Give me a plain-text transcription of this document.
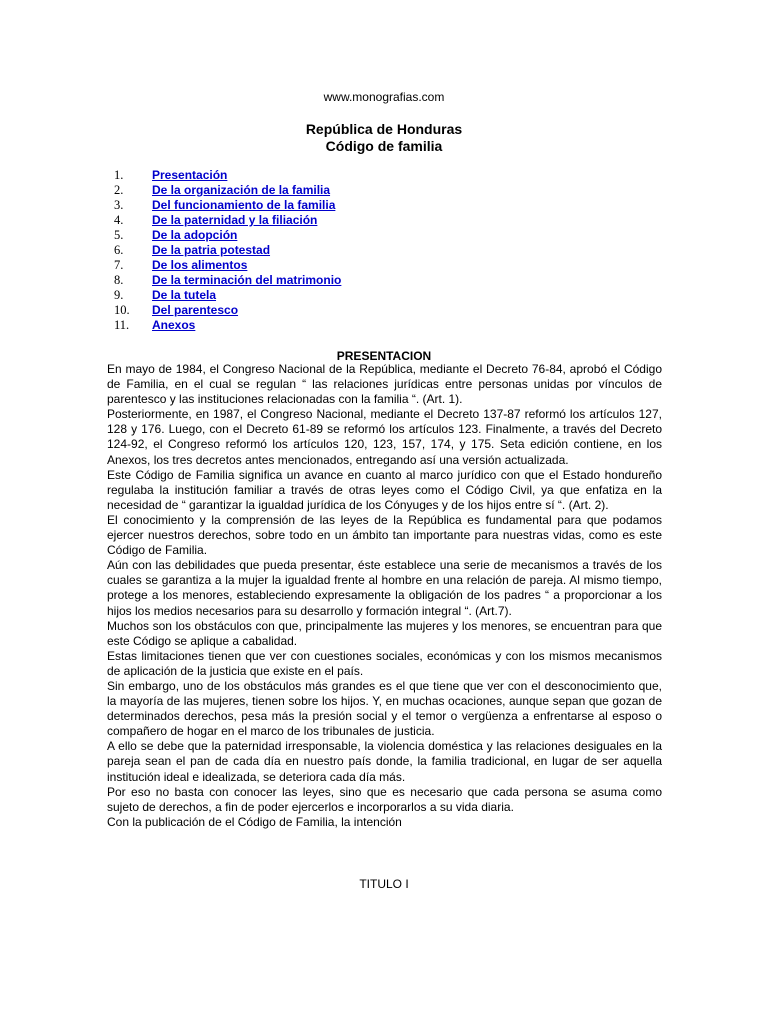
www.monografias.com
República de Honduras
Código de familia
1. Presentación
2. De la organización de la familia
3. Del funcionamiento de la familia
4. De la paternidad y la filiación
5. De la adopción
6. De la patria potestad
7. De los alimentos
8. De la terminación del matrimonio
9. De la tutela
10. Del parentesco
11. Anexos
PRESENTACION

En mayo de 1984, el Congreso Nacional de la República, mediante el Decreto 76-84, aprobó el Código de Familia, en el cual se regulan “ las relaciones jurídicas entre personas unidas por vínculos de parentesco y las instituciones relacionadas con la familia “. (Art. 1).

Posteriormente, en 1987, el Congreso Nacional, mediante el Decreto 137-87 reformó los artículos 127, 128 y 176. Luego, con el Decreto 61-89 se reformó los artículos 123. Finalmente, a través del Decreto 124-92, el Congreso reformó los artículos 120, 123, 157, 174, y 175. Seta edición contiene, en los Anexos, los tres decretos antes mencionados, entregando así una versión actualizada.

Este Código de Familia significa un avance en cuanto al marco jurídico con que el Estado hondureño regulaba la institución familiar a través de otras leyes como el Código Civil, ya que enfatiza en la necesidad de “ garantizar la igualdad jurídica de los Cónyuges y de los hijos entre sí “. (Art. 2).

El conocimiento y la comprensión de las leyes de la República es fundamental para que podamos ejercer nuestros derechos, sobre todo en un ámbito tan importante para nuestras vidas, como es este Código de Familia.

Aún con las debilidades que pueda presentar, éste establece una serie de mecanismos a través de los cuales se garantiza a la mujer la igualdad frente al hombre en una relación de pareja. Al mismo tiempo, protege a los menores, estableciendo expresamente la obligación de los padres “ a proporcionar a los hijos los medios necesarios para su desarrollo y formación integral “. (Art.7).

Muchos son los obstáculos con que, principalmente las mujeres y los menores, se encuentran para que este Código se aplique a cabalidad.

Estas limitaciones tienen que ver con cuestiones sociales, económicas y con los mismos mecanismos de aplicación de la justicia que existe en el país.

Sin embargo, uno de los obstáculos más grandes es el que tiene que ver con el desconocimiento que, la mayoría de las mujeres, tienen sobre los hijos. Y, en muchas ocaciones, aunque sepan que gozan de determinados derechos, pesa más la presión social y el temor o vergüenza a enfrentarse al esposo o compañero de hogar en el marco de los tribunales de justicia.

A ello se debe que la paternidad irresponsable, la violencia doméstica y las relaciones desiguales en la pareja sean el pan de cada día en nuestro país donde, la familia tradicional, en lugar de ser aquella institución ideal e idealizada, se deteriora cada día más.

Por eso no basta con conocer las leyes, sino que es necesario que cada persona se asuma como sujeto de derechos, a fin de poder ejercerlos e incorporarlos a su vida diaria.

Con la publicación de el Código de Familia, la intención

TITULO I
